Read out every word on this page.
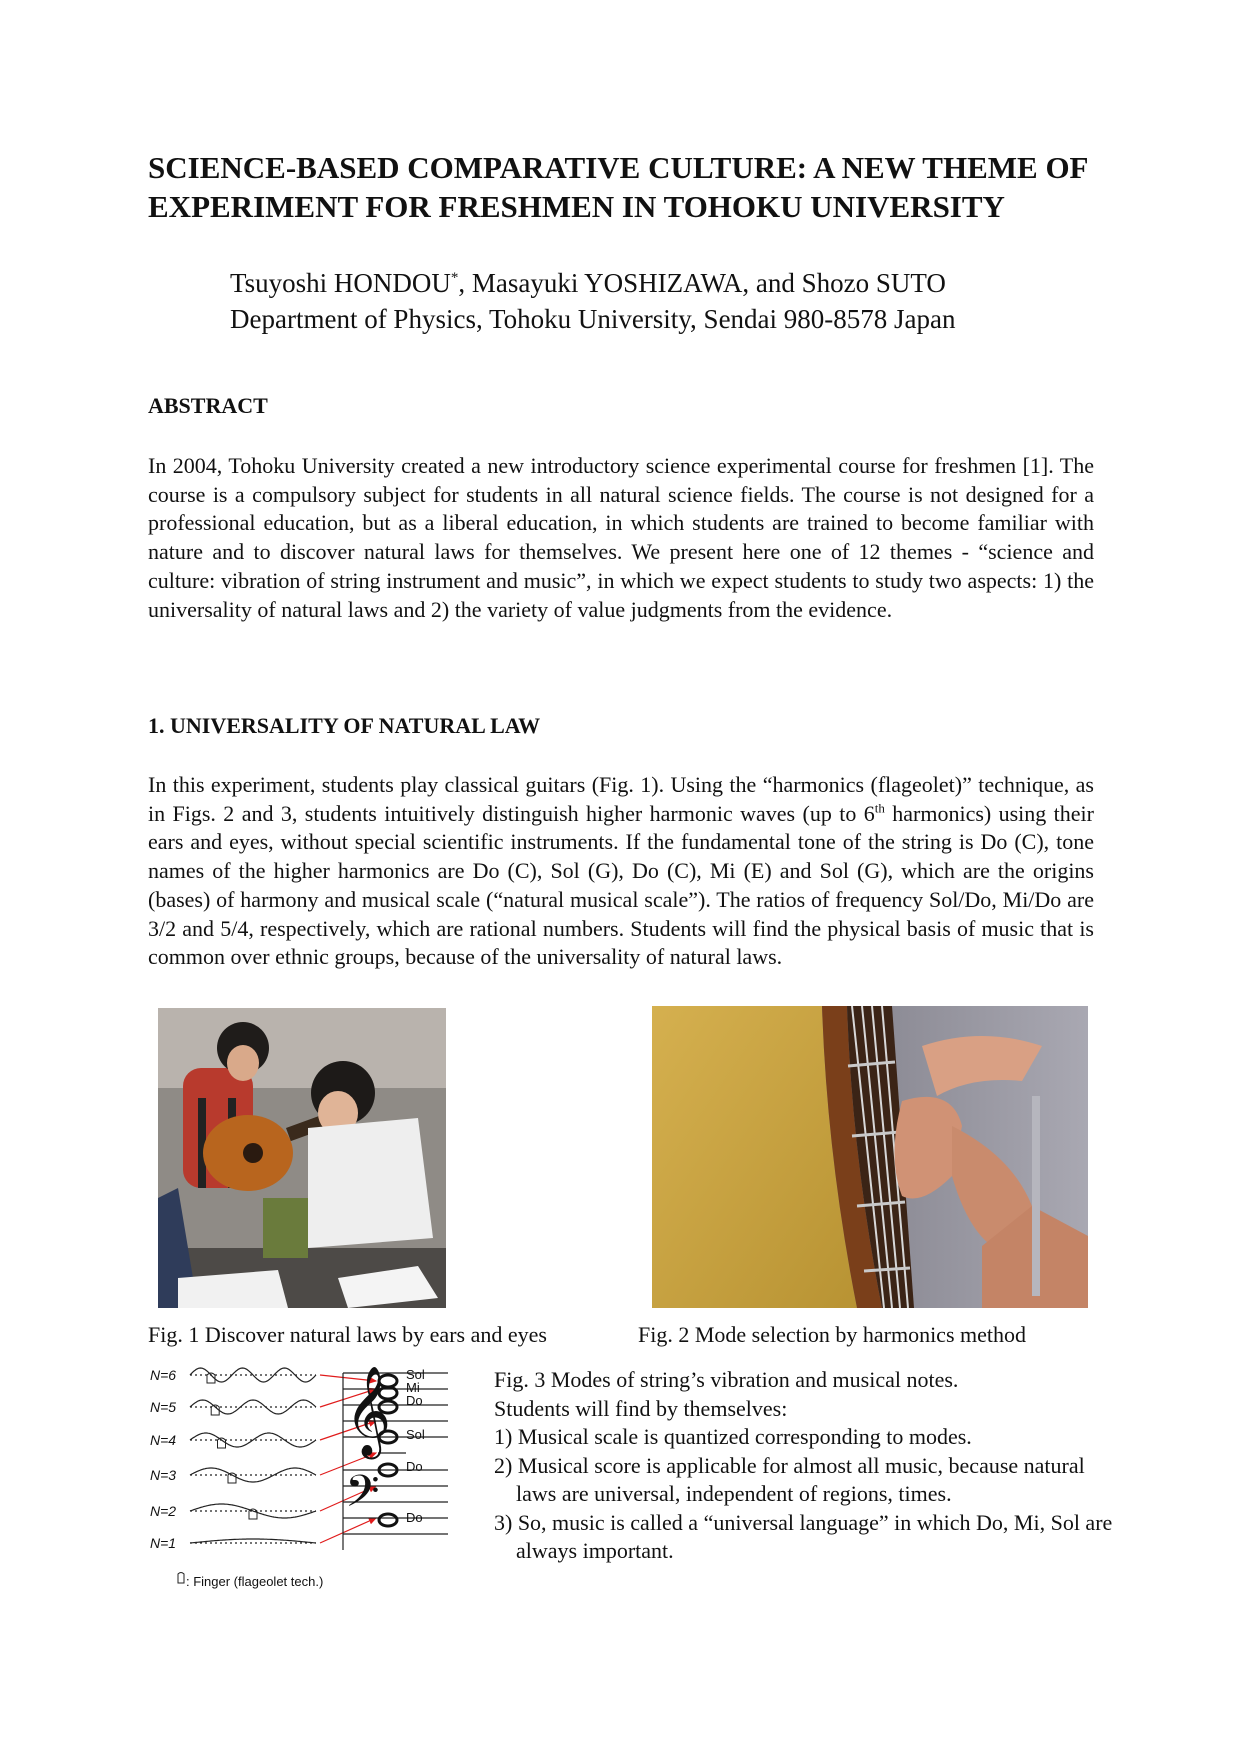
SCIENCE-BASED COMPARATIVE CULTURE: A NEW THEME OF EXPERIMENT FOR FRESHMEN IN TOHOKU UNIVERSITY
Tsuyoshi HONDOU*, Masayuki YOSHIZAWA, and Shozo SUTO
Department of Physics, Tohoku University, Sendai 980-8578 Japan
ABSTRACT

In 2004, Tohoku University created a new introductory science experimental course for freshmen [1]. The course is a compulsory subject for students in all natural science fields. The course is not designed for a professional education, but as a liberal education, in which students are trained to become familiar with nature and to discover natural laws for themselves. We present here one of 12 themes - “science and culture: vibration of string instrument and music”, in which we expect students to study two aspects: 1) the universality of natural laws and 2) the variety of value judgments from the evidence.

1. UNIVERSALITY OF NATURAL LAW

In this experiment, students play classical guitars (Fig. 1). Using the “harmonics (flageolet)” technique, as in Figs. 2 and 3, students intuitively distinguish higher harmonic waves (up to 6th harmonics) using their ears and eyes, without special scientific instruments. If the fundamental tone of the string is Do (C), tone names of the higher harmonics are Do (C), Sol (G), Do (C), Mi (E) and Sol (G), which are the origins (bases) of harmony and musical scale (“natural musical scale”). The ratios of frequency Sol/Do, Mi/Do are 3/2 and 5/4, respectively, which are rational numbers. Students will find the physical basis of music that is common over ethnic groups, because of the universality of natural laws.

Fig. 1 Discover natural laws by ears and eyes	Fig. 2 Mode selection by harmonics method

N=6
N=5
N=4
N=3
N=2
N=1
𝄞
𝄢
Sol
Mi
Do
Sol
Do
Do
: Finger (flageolet tech.)

Fig. 3 Modes of string’s vibration and musical notes.

Students will find by themselves:

1) Musical scale is quantized corresponding to modes.
2) Musical score is applicable for almost all music, because natural laws are universal, independent of regions, times.
3) So, music is called a “universal language” in which Do, Mi, Sol are always important.
